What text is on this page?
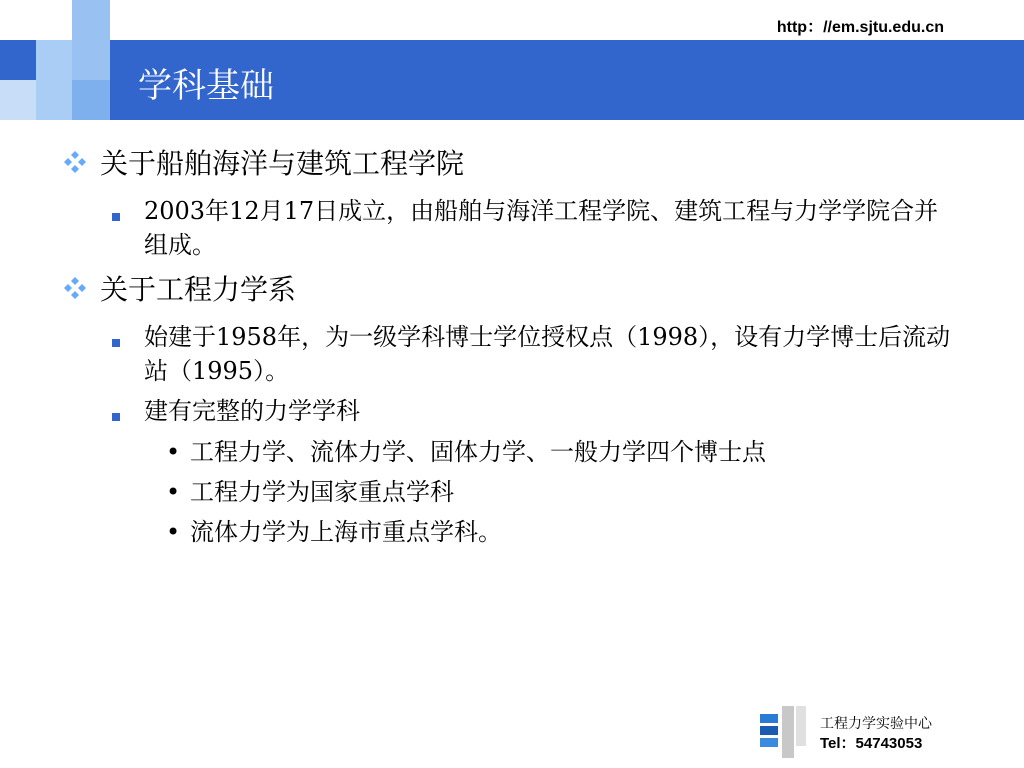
http：//em.sjtu.edu.cn
学科基础
关于船舶海洋与建筑工程学院
2003年12月17日成立，由船舶与海洋工程学院、建筑工程与力学学院合并组成。
关于工程力学系
始建于1958年，为一级学科博士学位授权点（1998），设有力学博士后流动站（1995）。
建有完整的力学学科
• 工程力学、流体力学、固体力学、一般力学四个博士点
• 工程力学为国家重点学科
• 流体力学为上海市重点学科。
工程力学实验中心
Tel：54743053
